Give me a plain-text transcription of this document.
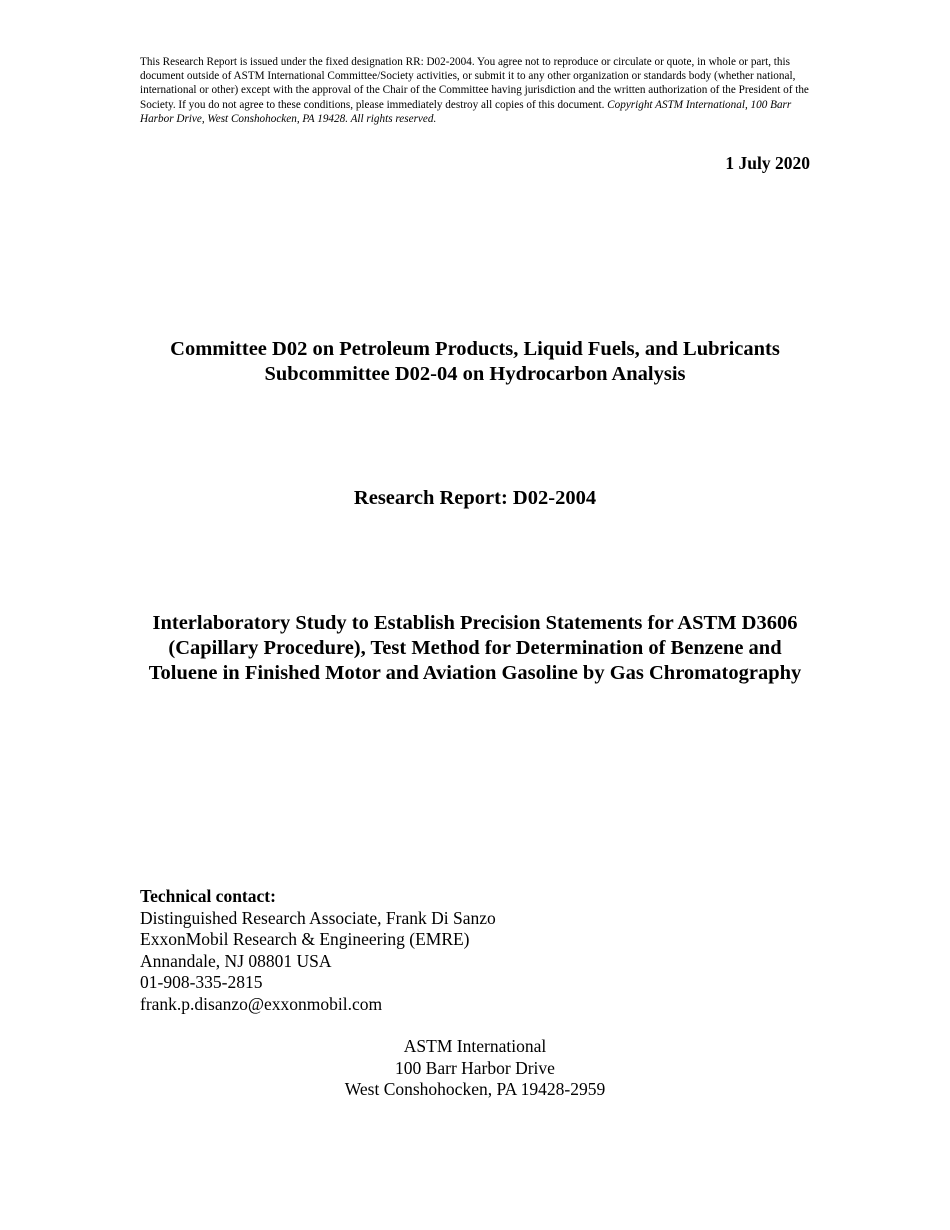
This Research Report is issued under the fixed designation RR: D02-2004. You agree not to reproduce or circulate or quote, in whole or part, this document outside of ASTM International Committee/Society activities, or submit it to any other organization or standards body (whether national, international or other) except with the approval of the Chair of the Committee having jurisdiction and the written authorization of the President of the Society. If you do not agree to these conditions, please immediately destroy all copies of this document. Copyright ASTM International, 100 Barr Harbor Drive, West Conshohocken, PA 19428. All rights reserved.
1 July 2020
Committee D02 on Petroleum Products, Liquid Fuels, and Lubricants
Subcommittee D02-04 on Hydrocarbon Analysis
Research Report: D02-2004
Interlaboratory Study to Establish Precision Statements for ASTM D3606 (Capillary Procedure), Test Method for Determination of Benzene and Toluene in Finished Motor and Aviation Gasoline by Gas Chromatography
Technical contact:
Distinguished Research Associate, Frank Di Sanzo
ExxonMobil Research & Engineering (EMRE)
Annandale, NJ 08801 USA
01-908-335-2815
frank.p.disanzo@exxonmobil.com
ASTM International
100 Barr Harbor Drive
West Conshohocken, PA 19428-2959
